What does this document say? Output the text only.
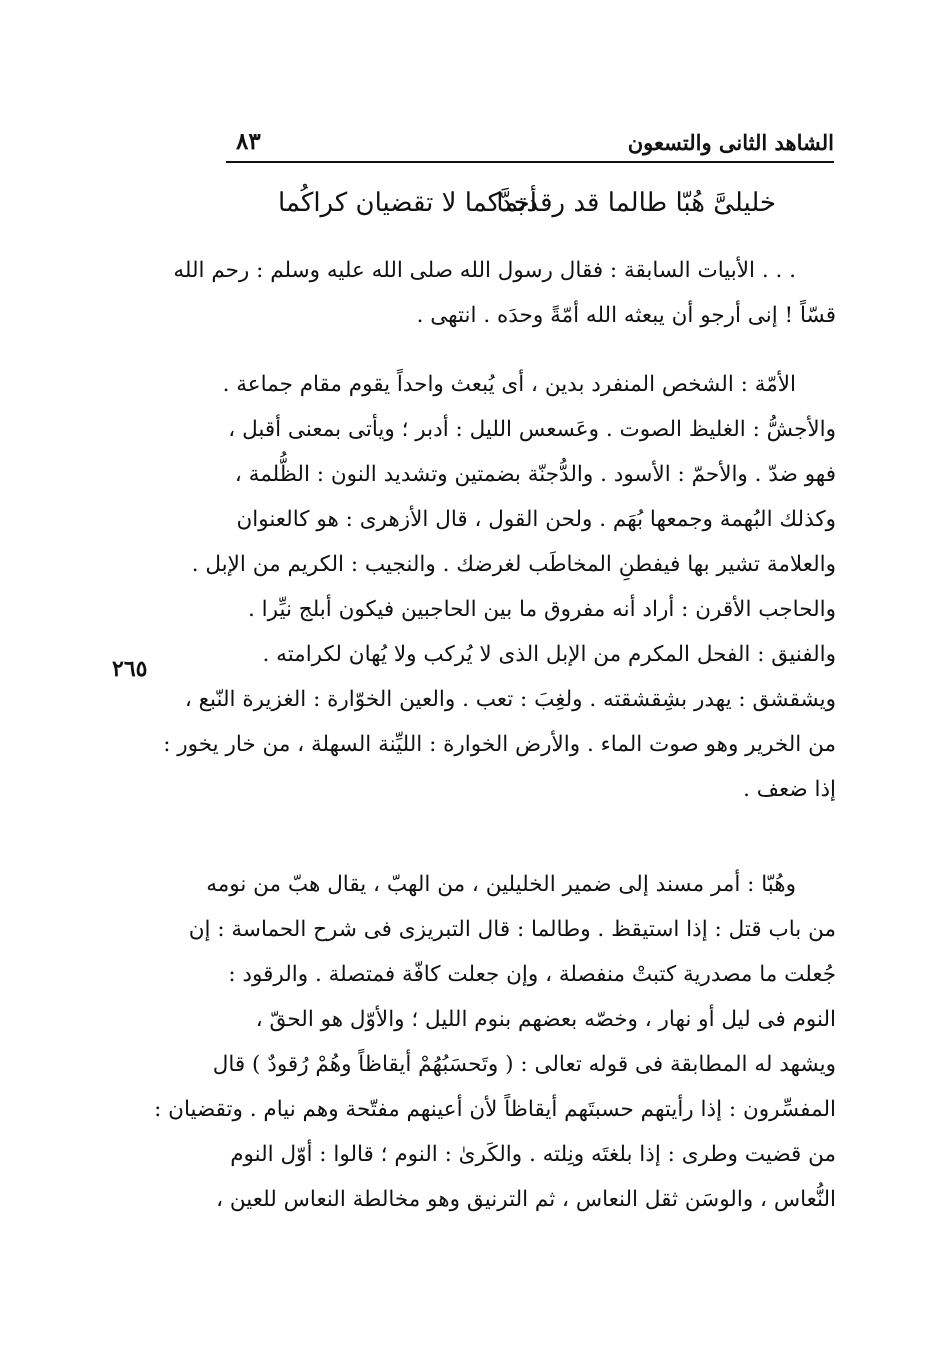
الشاهد الثانى والتسعون
٨٣
خليلىَّ هُبّا طالما قد رقدتما
أجدَّكما لا تقضيان كراكُما
. . . الأبيات السابقة : فقال رسول الله صلى الله عليه وسلم : رحم الله
قسّاً ! إنى أرجو أن يبعثه الله أمّةً وحدَه . انتهى .
الأمّة : الشخص المنفرد بدين ، أى يُبعث واحداً يقوم مقام جماعة .
والأجشُّ : الغليظ الصوت . وعَسعس الليل : أدبر ؛ ويأتى بمعنى أقبل ،
فهو ضدّ . والأحمّ : الأسود . والدُّجنّة بضمتين وتشديد النون : الظُّلمة ،
وكذلك البُهمة وجمعها بُهَم . ولحن القول ، قال الأزهرى : هو كالعنوان
والعلامة تشير بها فيفطنِ المخاطَب لغرضك . والنجيب : الكريم من الإبل .
والحاجب الأقرن : أراد أنه مفروق ما بين الحاجبين فيكون أبلج نيِّرا .
والفنيق : الفحل المكرم من الإبل الذى لا يُركب ولا يُهان لكرامته .
ويشقشق : يهدر بشِقشقته . ولغِبَ : تعب . والعين الخوّارة : الغزيرة النّبع ،
من الخرير وهو صوت الماء . والأرض الخوارة : الليِّنة السهلة ، من خار يخور :
إذا ضعف .
وهُبّا : أمر مسند إلى ضمير الخليلين ، من الهبّ ، يقال هبّ من نومه
من باب قتل : إذا استيقظ . وطالما : قال التبريزى فى شرح الحماسة : إن
جُعلت ما مصدرية كتبتْ منفصلة ، وإن جعلت كافّة فمتصلة . والرقود :
النوم فى ليل أو نهار ، وخصّه بعضهم بنوم الليل ؛ والأوّل هو الحقّ ،
ويشهد له المطابقة فى قوله تعالى : ( وتَحسَبُهُمْ أيقاظاً وهُمْ رُقودٌ ) قال
المفسِّرون : إذا رأيتهم حسبتَهم أيقاظاً لأن أعينهم مفتّحة وهم نيام . وتقضيان :
من قضيت وطرى : إذا بلغتَه ونِلته . والكَرىٰ : النوم ؛ قالوا : أوّل النوم
النُّعاس ، والوسَن ثقل النعاس ، ثم الترنيق وهو مخالطة النعاس للعين ،
٢٦٥
